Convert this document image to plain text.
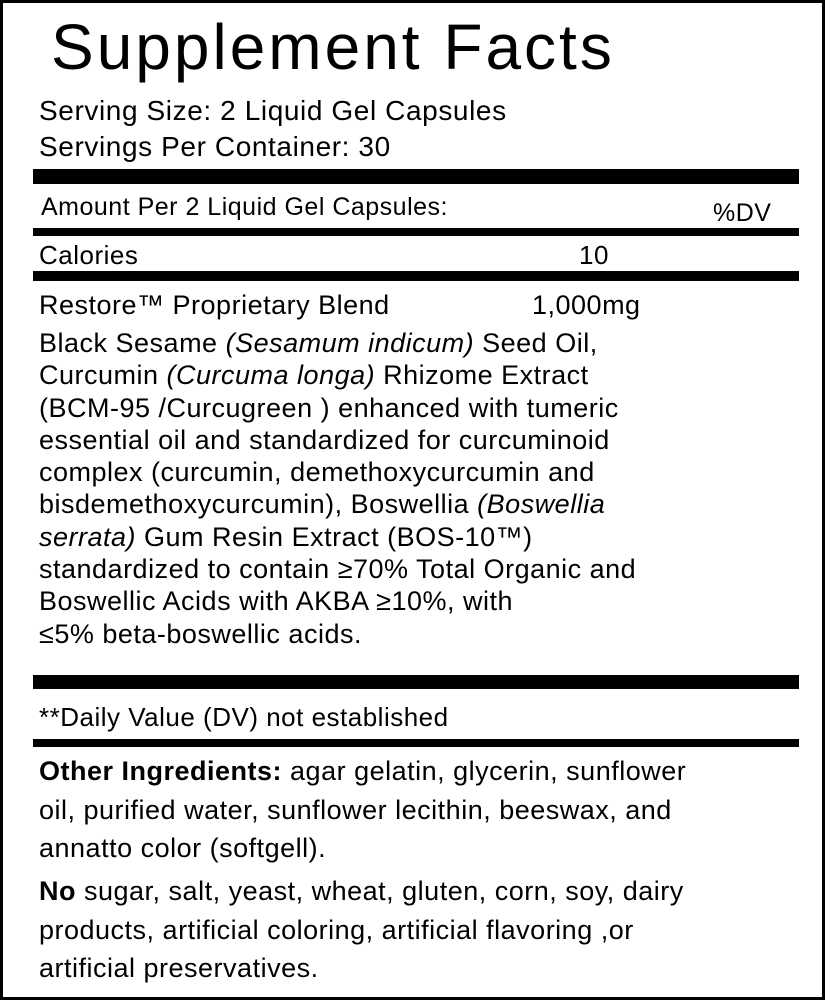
Supplement Facts
Serving Size: 2 Liquid Gel Capsules
Servings Per Container: 30
Amount Per 2 Liquid Gel Capsules:	%DV
Calories	10
Restore™ Proprietary Blend	1,000mg
Black Sesame (Sesamum indicum) Seed Oil,
Curcumin (Curcuma longa) Rhizome Extract
(BCM-95 /Curcugreen ) enhanced with tumeric
essential oil and standardized for curcuminoid
complex (curcumin, demethoxycurcumin and
bisdemethoxycurcumin), Boswellia (Boswellia
serrata) Gum Resin Extract (BOS-10™)
standardized to contain ≥70% Total Organic and
Boswellic Acids with AKBA ≥10%, with
≤5% beta-boswellic acids.
**Daily Value (DV) not established
Other Ingredients: agar gelatin, glycerin, sunflower
oil, purified water, sunflower lecithin, beeswax, and
annatto color (softgell).
No sugar, salt, yeast, wheat, gluten, corn, soy, dairy
products, artificial coloring, artificial flavoring ,or
artificial preservatives.
